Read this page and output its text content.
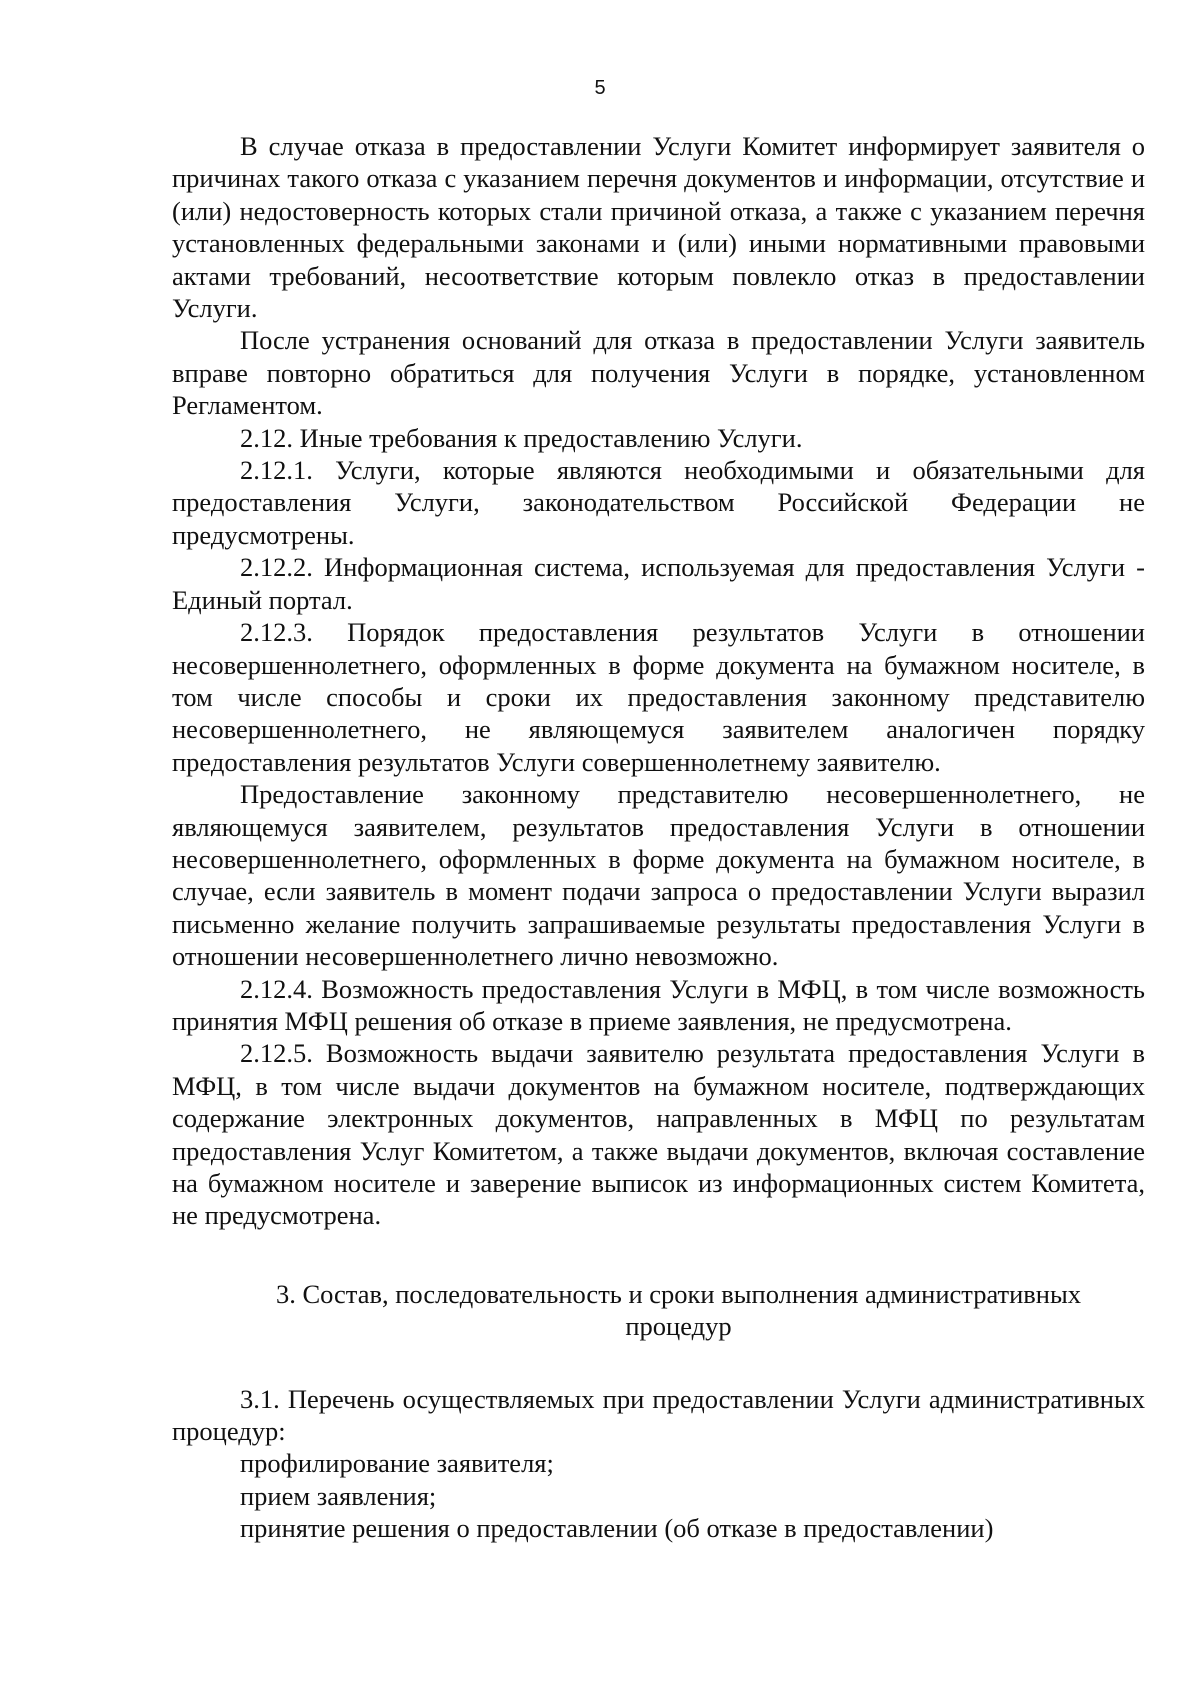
5

В случае отказа в предоставлении Услуги Комитет информирует заявителя о причинах такого отказа с указанием перечня документов и информации, отсутствие и (или) недостоверность которых стали причиной отказа, а также с указанием перечня установленных федеральными законами и (или) иными нормативными правовыми актами требований, несоответствие которым повлекло отказ в предоставлении Услуги.

После устранения оснований для отказа в предоставлении Услуги заявитель вправе повторно обратиться для получения Услуги в порядке, установленном Регламентом.

2.12. Иные требования к предоставлению Услуги.

2.12.1. Услуги, которые являются необходимыми и обязательными для предоставления Услуги, законодательством Российской Федерации не предусмотрены.

2.12.2. Информационная система, используемая для предоставления Услуги - Единый портал.

2.12.3. Порядок предоставления результатов Услуги в отношении несовершеннолетнего, оформленных в форме документа на бумажном носителе, в том числе способы и сроки их предоставления законному представителю несовершеннолетнего, не являющемуся заявителем аналогичен порядку предоставления результатов Услуги совершеннолетнему заявителю.

Предоставление законному представителю несовершеннолетнего, не являющемуся заявителем, результатов предоставления Услуги в отношении несовершеннолетнего, оформленных в форме документа на бумажном носителе, в случае, если заявитель в момент подачи запроса о предоставлении Услуги выразил письменно желание получить запрашиваемые результаты предоставления Услуги в отношении несовершеннолетнего лично невозможно.

2.12.4. Возможность предоставления Услуги в МФЦ, в том числе возможность принятия МФЦ решения об отказе в приеме заявления, не предусмотрена.

2.12.5. Возможность выдачи заявителю результата предоставления Услуги в МФЦ, в том числе выдачи документов на бумажном носителе, подтверждающих содержание электронных документов, направленных в МФЦ по результатам предоставления Услуг Комитетом, а также выдачи документов, включая составление на бумажном носителе и заверение выписок из информационных систем Комитета, не предусмотрена.

3. Состав, последовательность и сроки выполнения административных процедур

3.1. Перечень осуществляемых при предоставлении Услуги административных процедур:

профилирование заявителя;

прием заявления;

принятие решения о предоставлении (об отказе в предоставлении)
